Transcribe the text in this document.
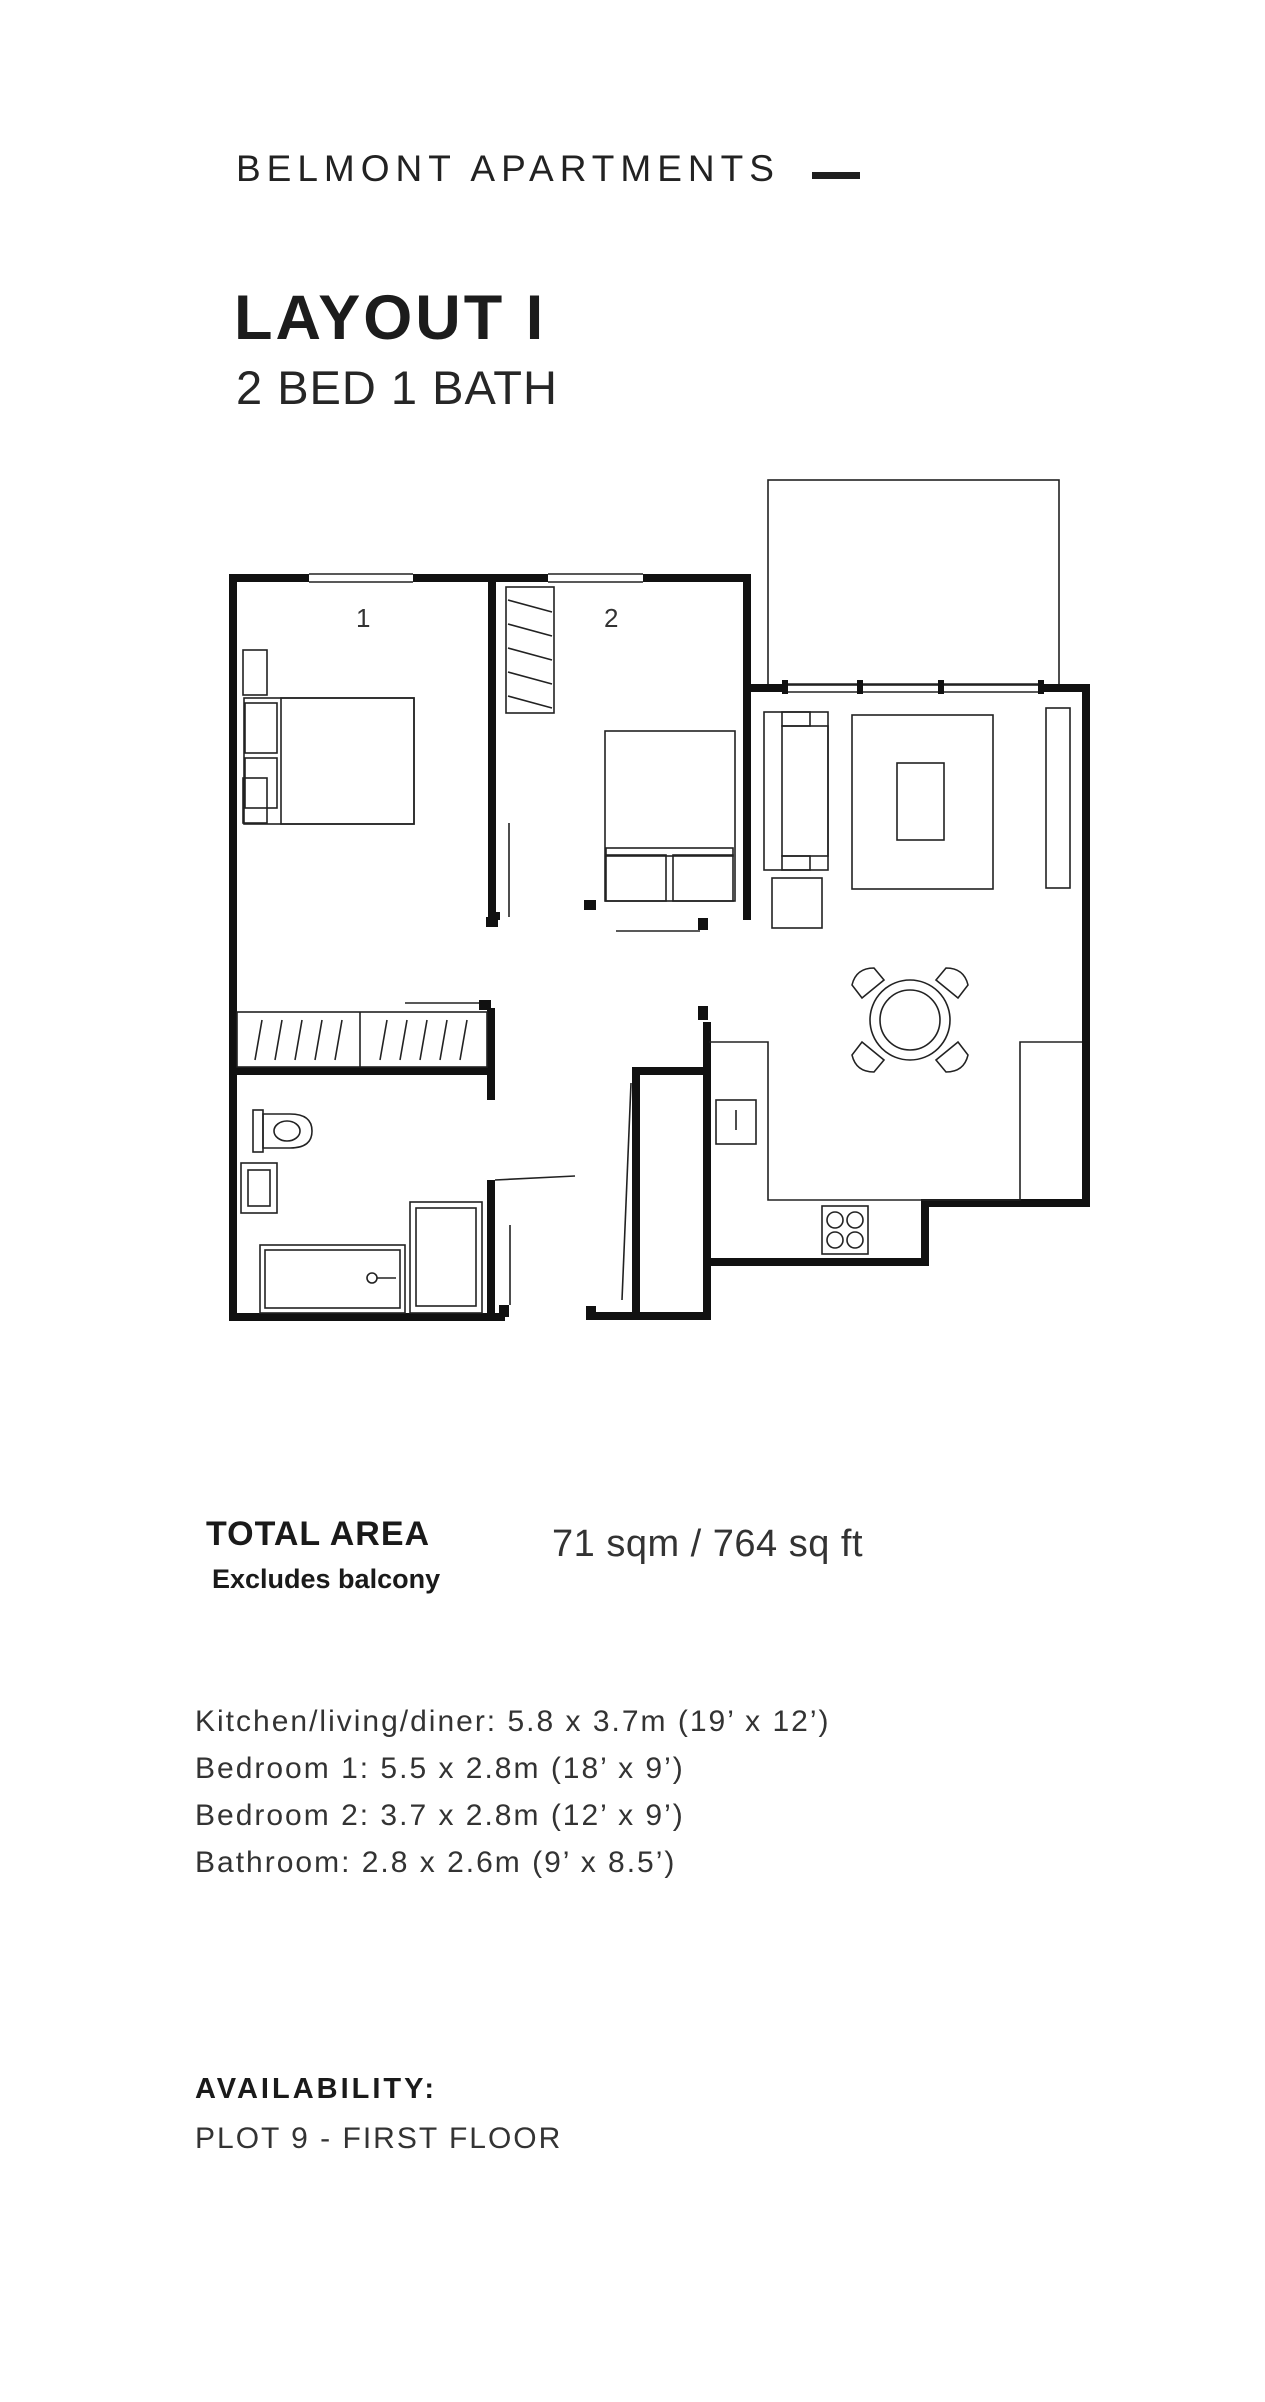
BELMONT APARTMENTS
LAYOUT I
2 BED 1 BATH
1	2
TOTAL AREA
Excludes balcony
71 sqm / 764 sq ft
Kitchen/living/diner: 5.8 x 3.7m (19’ x 12’)
Bedroom 1: 5.5 x 2.8m (18’ x 9’)
Bedroom 2: 3.7 x 2.8m (12’ x 9’)
Bathroom: 2.8 x 2.6m (9’ x 8.5’)
AVAILABILITY:
PLOT 9 - FIRST FLOOR
